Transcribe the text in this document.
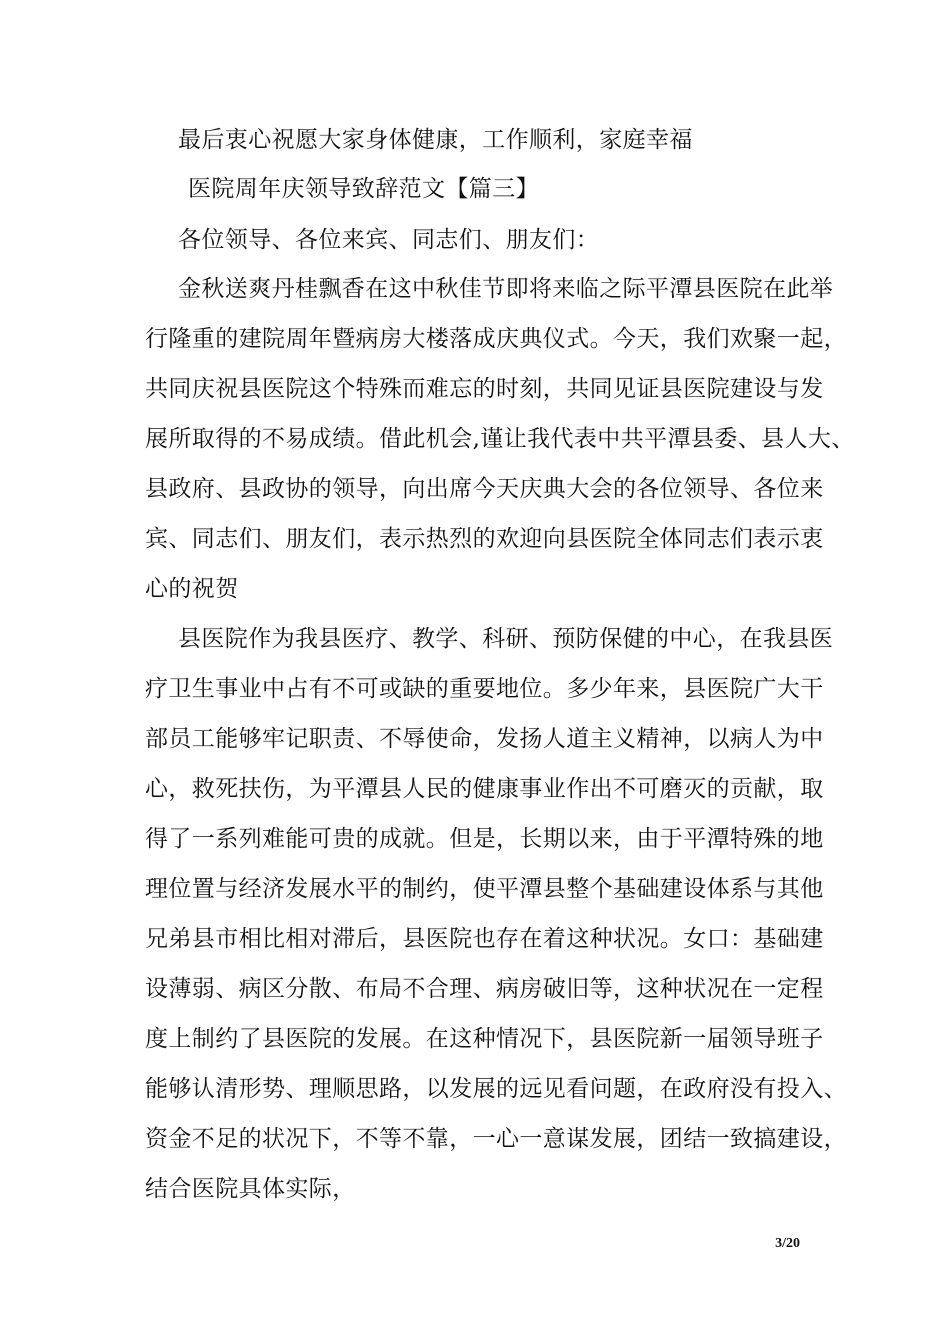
最后衷心祝愿大家身体健康，工作顺利，家庭幸福
医院周年庆领导致辞范文【篇三】
各位领导、各位来宾、同志们、朋友们：
金秋送爽丹桂飘香在这中秋佳节即将来临之际平潭县医院在此举
行隆重的建院周年暨病房大楼落成庆典仪式。今天，我们欢聚一起，
共同庆祝县医院这个特殊而难忘的时刻，共同见证县医院建设与发
展所取得的不易成绩。借此机会,谨让我代表中共平潭县委、县人大、
县政府、县政协的领导，向出席今天庆典大会的各位领导、各位来
宾、同志们、朋友们，表示热烈的欢迎向县医院全体同志们表示衷
心的祝贺
县医院作为我县医疗、教学、科研、预防保健的中心，在我县医
疗卫生事业中占有不可或缺的重要地位。多少年来，县医院广大干
部员工能够牢记职责、不辱使命，发扬人道主义精神，以病人为中
心，救死扶伤，为平潭县人民的健康事业作出不可磨灭的贡献，取
得了一系列难能可贵的成就。但是，长期以来，由于平潭特殊的地
理位置与经济发展水平的制约，使平潭县整个基础建设体系与其他
兄弟县市相比相对滞后，县医院也存在着这种状况。女口：基础建
设薄弱、病区分散、布局不合理、病房破旧等，这种状况在一定程
度上制约了县医院的发展。在这种情况下，县医院新一届领导班子
能够认清形势、理顺思路，以发展的远见看问题，在政府没有投入、
资金不足的状况下，不等不靠，一心一意谋发展，团结一致搞建设，
结合医院具体实际，
3/20
